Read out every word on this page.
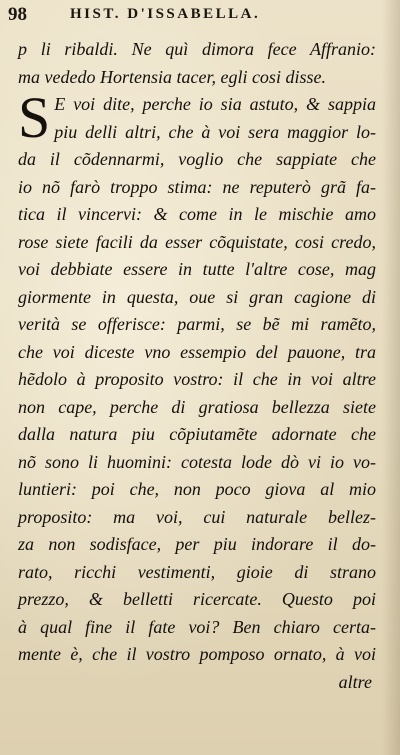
98	HIST. D'ISSABELLA.
p li ribaldi. Ne quì dimora fece Affranio:
ma vededo Hortensia tacer, egli cosi disse.
S E voi dite, perche io sia astuto, & sappia
piu delli altri, che à voi sera maggior lo-
da il cõdennarmi, voglio che sappiate che
io nõ farò troppo stima: ne reputerò grã fa-
tica il vincervi: & come in le mischie amo
rose siete facili da esser cõquistate, cosi credo,
voi debbiate essere in tutte l'altre cose, mag
giormente in questa, oue si gran cagione di
verità se offerisce: parmi, se bẽ mi ramẽto,
che voi diceste vno essempio del pauone, tra
hẽdolo à proposito vostro: il che in voi altre
non cape, perche di gratiosa bellezza siete
dalla natura piu cõpiutamẽte adornate che
nõ sono li huomini: cotesta lode dò vi io vo-
luntieri: poi che, non poco giova al mio
proposito: ma voi, cui naturale bellez-
za non sodisface, per piu indorare il do-
rato, ricchi vestimenti, gioie di strano
prezzo, & belletti ricercate. Questo poi
à qual fine il fate voi? Ben chiaro certa-
mente è, che il vostro pomposo ornato, à voi
altre
